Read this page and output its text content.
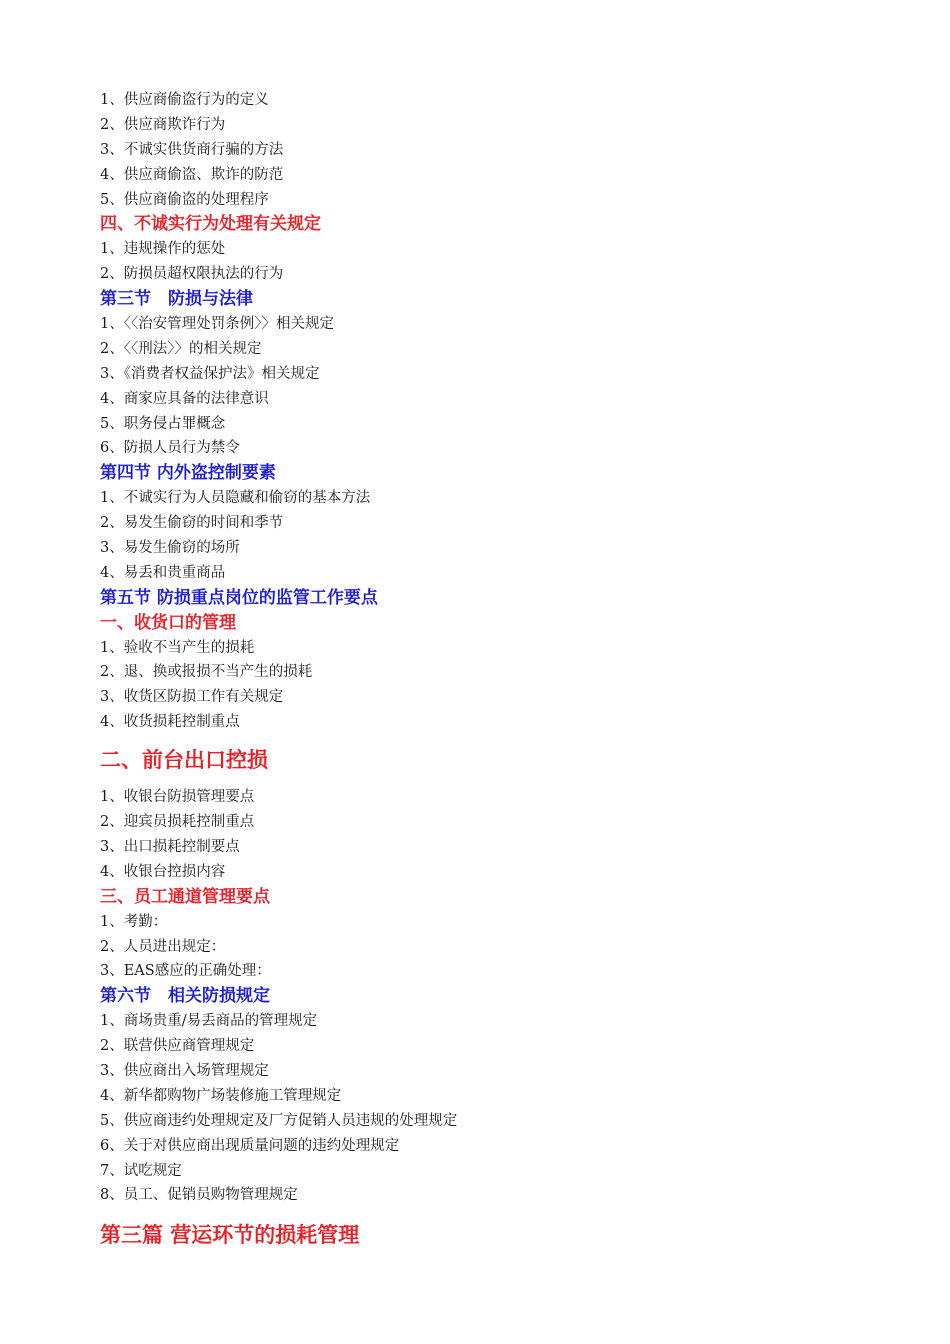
1、供应商偷盗行为的定义
2、供应商欺诈行为
3、不诚实供货商行骗的方法
4、供应商偷盗、欺诈的防范
5、供应商偷盗的处理程序
四、不诚实行为处理有关规定
1、违规操作的惩处
2、防损员超权限执法的行为
第三节　防损与法律
1、〈〈治安管理处罚条例〉〉相关规定
2、〈〈刑法〉〉的相关规定
3、《消费者权益保护法》相关规定
4、商家应具备的法律意识
5、职务侵占罪概念
6、防损人员行为禁令
第四节 内外盗控制要素
1、不诚实行为人员隐藏和偷窃的基本方法
2、易发生偷窃的时间和季节
3、易发生偷窃的场所
4、易丢和贵重商品
第五节 防损重点岗位的监管工作要点
一、收货口的管理
1、验收不当产生的损耗
2、退、换或报损不当产生的损耗
3、收货区防损工作有关规定
4、收货损耗控制重点
二、前台出口控损
1、收银台防损管理要点
2、迎宾员损耗控制重点
3、出口损耗控制要点
4、收银台控损内容
三、员工通道管理要点
1、考勤：
2、人员进出规定：
3、EAS感应的正确处理：
第六节　相关防损规定
1、商场贵重/易丢商品的管理规定
2、联营供应商管理规定
3、供应商出入场管理规定
4、新华都购物广场装修施工管理规定
5、供应商违约处理规定及厂方促销人员违规的处理规定
6、关于对供应商出现质量问题的违约处理规定
7、试吃规定
8、员工、促销员购物管理规定
第三篇 营运环节的损耗管理
